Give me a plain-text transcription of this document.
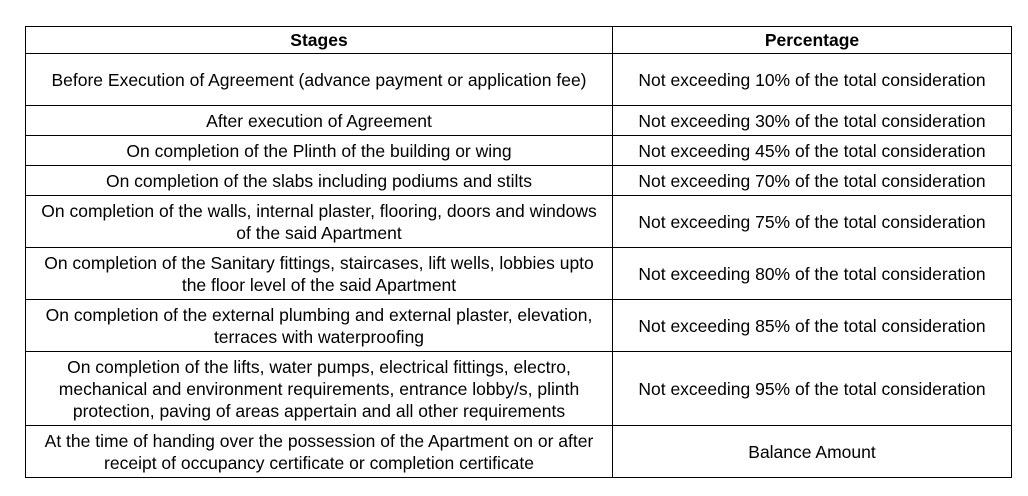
Stages	Percentage
Before Execution of Agreement (advance payment or application fee)	Not exceeding 10% of the total consideration
After execution of Agreement	Not exceeding 30% of the total consideration
On completion of the Plinth of the building or wing	Not exceeding 45% of the total consideration
On completion of the slabs including podiums and stilts	Not exceeding 70% of the total consideration
On completion of the walls, internal plaster, flooring, doors and windows of the said Apartment	Not exceeding 75% of the total consideration
On completion of the Sanitary fittings, staircases, lift wells, lobbies upto the floor level of the said Apartment	Not exceeding 80% of the total consideration
On completion of the external plumbing and external plaster, elevation, terraces with waterproofing	Not exceeding 85% of the total consideration
On completion of the lifts, water pumps, electrical fittings, electro, mechanical and environment requirements, entrance lobby/s, plinth protection, paving of areas appertain and all other requirements	Not exceeding 95% of the total consideration
At the time of handing over the possession of the Apartment on or after receipt of occupancy certificate or completion certificate	Balance Amount
